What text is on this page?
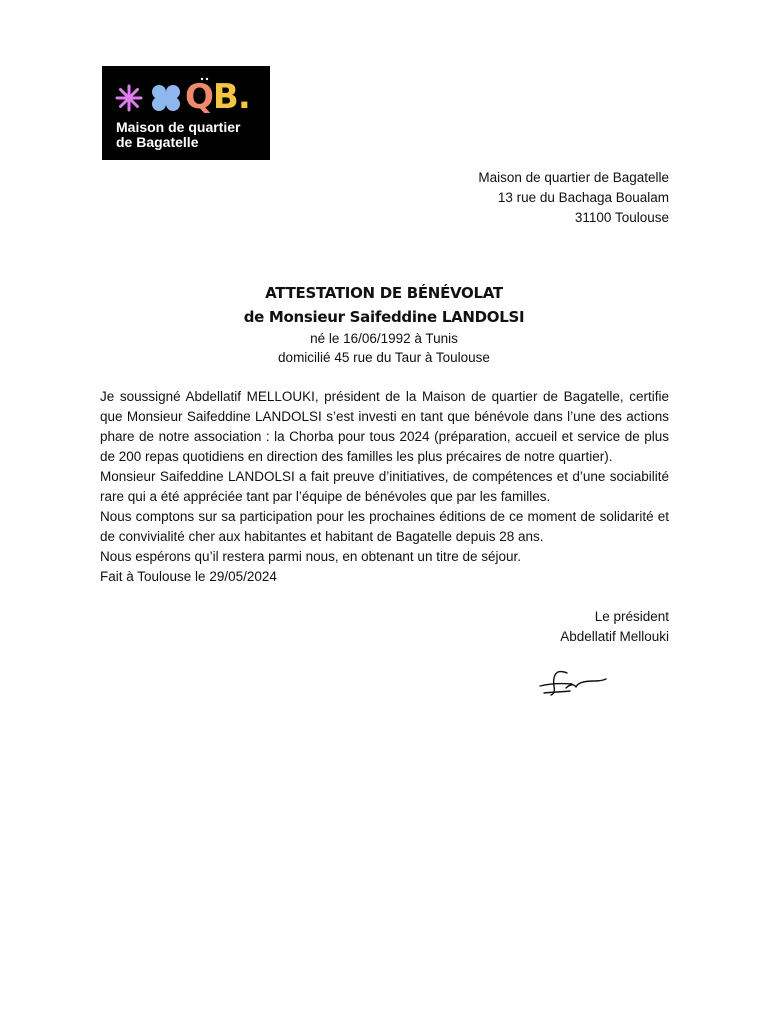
QB.
Maison de quartier
de Bagatelle
Maison de quartier de Bagatelle
13 rue du Bachaga Boualam
31100 Toulouse
ATTESTATION DE BÉNÉVOLAT
de Monsieur Saifeddine LANDOLSI
né le 16/06/1992 à Tunis
domicilié 45 rue du Taur à Toulouse

Je soussigné Abdellatif MELLOUKI, président de la Maison de quartier de Bagatelle, certifie que Monsieur Saifeddine LANDOLSI s’est investi en tant que bénévole dans l’une des actions phare de notre association : la Chorba pour tous 2024 (préparation, accueil et service de plus de 200 repas quotidiens en direction des familles les plus précaires de notre quartier).

Monsieur Saifeddine LANDOLSI a fait preuve d’initiatives, de compétences et d’une sociabilité rare qui a été appréciée tant par l’équipe de bénévoles que par les familles.

Nous comptons sur sa participation pour les prochaines éditions de ce moment de solidarité et de convivialité cher aux habitantes et habitant de Bagatelle depuis 28 ans.

Nous espérons qu’il restera parmi nous, en obtenant un titre de séjour.

Fait à Toulouse le 29/05/2024

Le président
Abdellatif Mellouki
